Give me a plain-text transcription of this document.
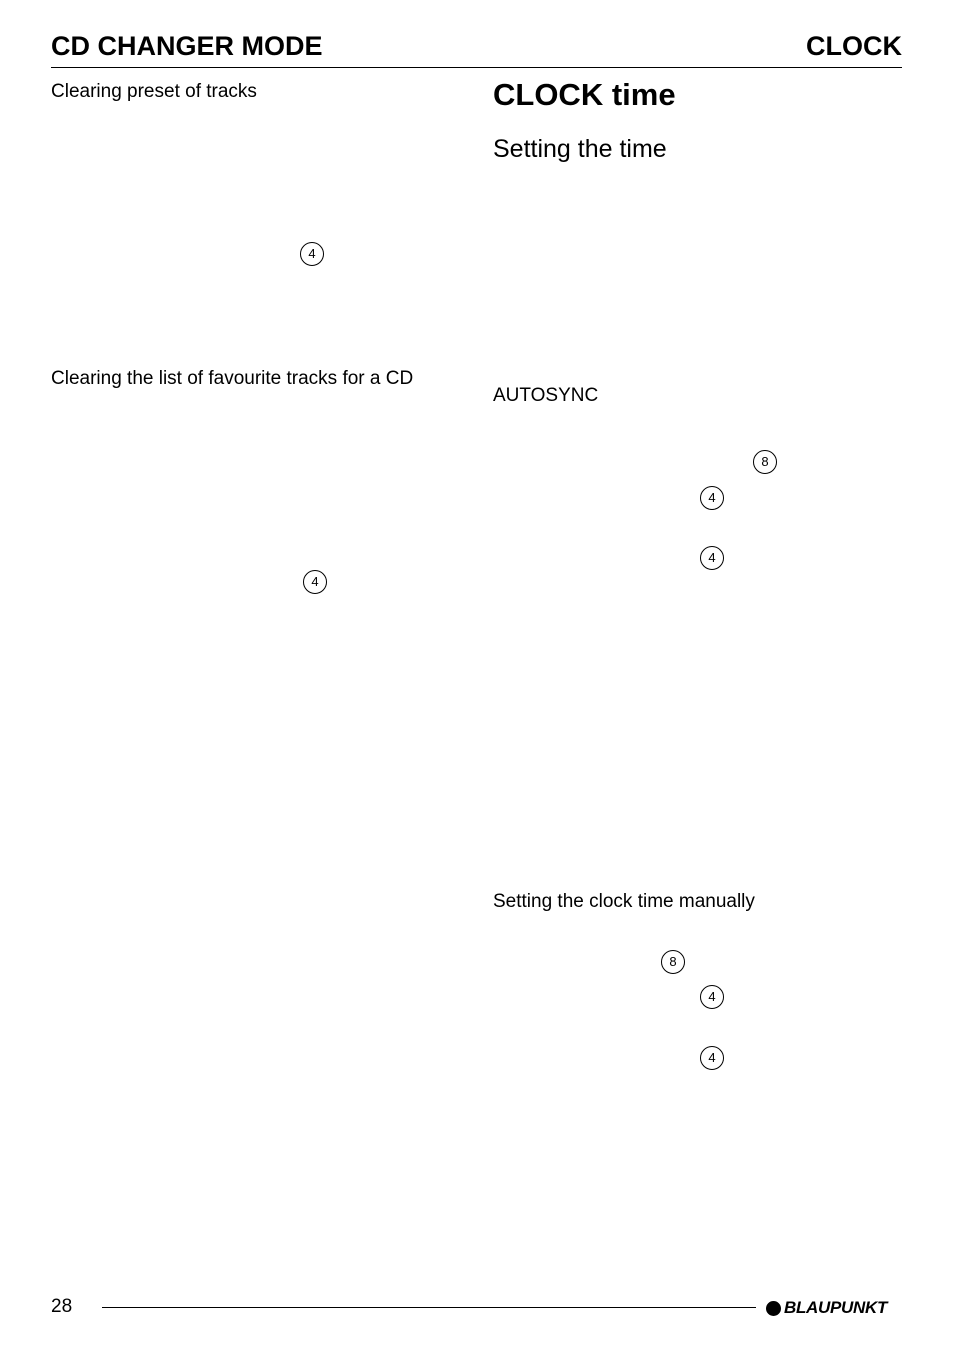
CD CHANGER MODE	CLOCK
Clearing preset of tracks
4
Clearing the list of favourite tracks for a CD
4
CLOCK time
Setting the time
AUTOSYNC
8
4
4
Setting the clock time manually
8
4
4
28	BLAUPUNKT
